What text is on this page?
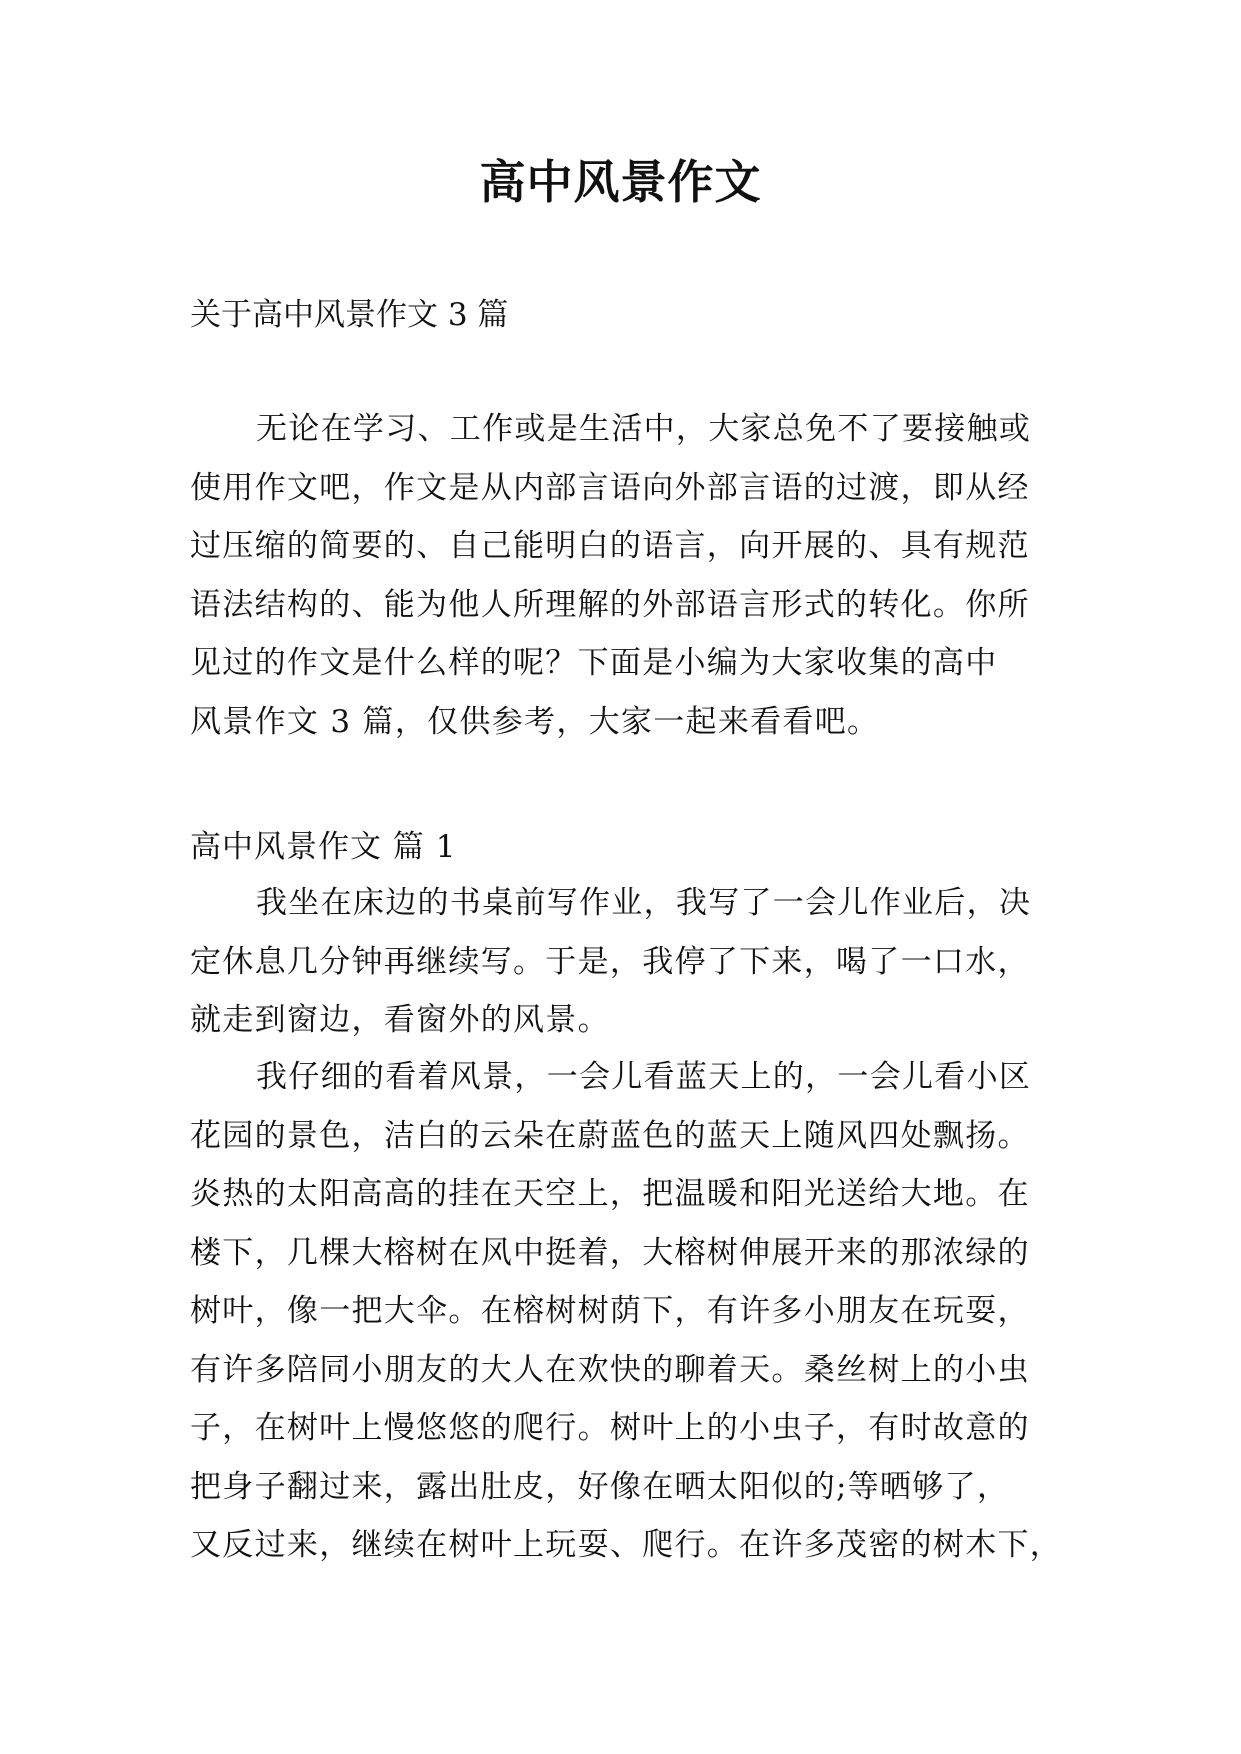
高中风景作文
关于高中风景作文 3 篇
无论在学习、工作或是生活中，大家总免不了要接触或
使用作文吧，作文是从内部言语向外部言语的过渡，即从经
过压缩的简要的、自己能明白的语言，向开展的、具有规范
语法结构的、能为他人所理解的外部语言形式的转化。你所
见过的作文是什么样的呢？下面是小编为大家收集的高中
风景作文 3 篇，仅供参考，大家一起来看看吧。
高中风景作文 篇 1
我坐在床边的书桌前写作业，我写了一会儿作业后，决
定休息几分钟再继续写。于是，我停了下来，喝了一口水，
就走到窗边，看窗外的风景。
我仔细的看着风景，一会儿看蓝天上的，一会儿看小区
花园的景色，洁白的云朵在蔚蓝色的蓝天上随风四处飘扬。
炎热的太阳高高的挂在天空上，把温暖和阳光送给大地。在
楼下，几棵大榕树在风中挺着，大榕树伸展开来的那浓绿的
树叶，像一把大伞。在榕树树荫下，有许多小朋友在玩耍，
有许多陪同小朋友的大人在欢快的聊着天。桑丝树上的小虫
子，在树叶上慢悠悠的爬行。树叶上的小虫子，有时故意的
把身子翻过来，露出肚皮，好像在晒太阳似的;等晒够了，
又反过来，继续在树叶上玩耍、爬行。在许多茂密的树木下，
